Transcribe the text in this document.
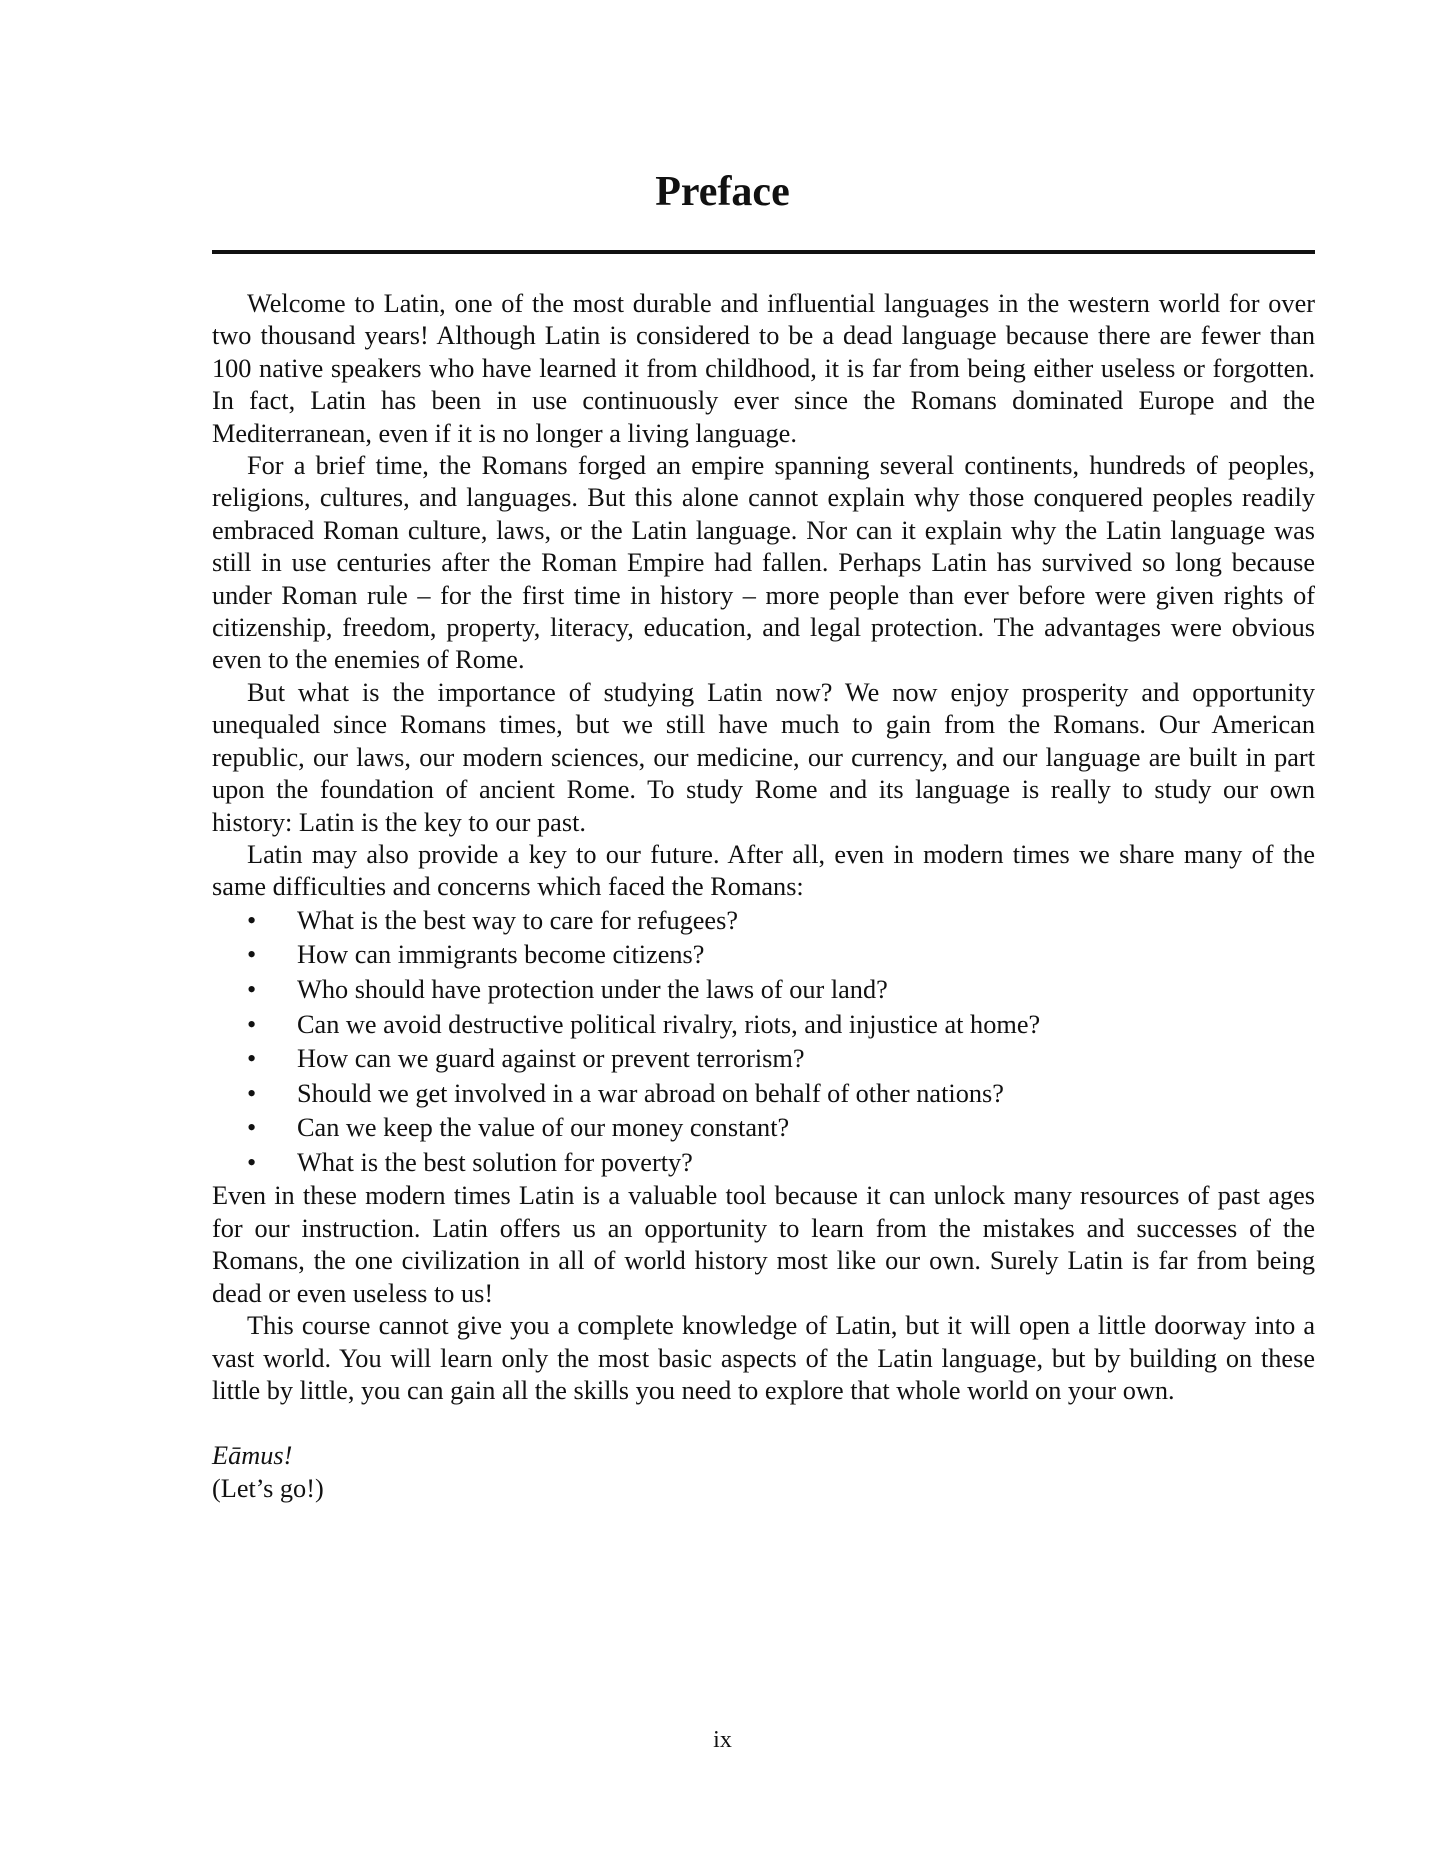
Preface

Welcome to Latin, one of the most durable and influential languages in the western world for over two thousand years! Although Latin is considered to be a dead language because there are fewer than 100 native speakers who have learned it from childhood, it is far from being either useless or forgotten. In fact, Latin has been in use continuously ever since the Romans dominated Europe and the Mediterranean, even if it is no longer a living language.

For a brief time, the Romans forged an empire spanning several continents, hundreds of peoples, religions, cultures, and languages. But this alone cannot explain why those conquered peoples readily embraced Roman culture, laws, or the Latin language. Nor can it explain why the Latin language was still in use centuries after the Roman Empire had fallen. Perhaps Latin has survived so long because under Roman rule – for the first time in history – more people than ever before were given rights of citizenship, freedom, property, literacy, education, and legal protection. The advantages were obvious even to the enemies of Rome.

But what is the importance of studying Latin now? We now enjoy prosperity and opportunity unequaled since Romans times, but we still have much to gain from the Romans. Our American republic, our laws, our modern sciences, our medicine, our currency, and our language are built in part upon the foundation of ancient Rome. To study Rome and its language is really to study our own history: Latin is the key to our past.

Latin may also provide a key to our future. After all, even in modern times we share many of the same difficulties and concerns which faced the Romans:

• What is the best way to care for refugees?
• How can immigrants become citizens?
• Who should have protection under the laws of our land?
• Can we avoid destructive political rivalry, riots, and injustice at home?
• How can we guard against or prevent terrorism?
• Should we get involved in a war abroad on behalf of other nations?
• Can we keep the value of our money constant?
• What is the best solution for poverty?

Even in these modern times Latin is a valuable tool because it can unlock many resources of past ages for our instruction. Latin offers us an opportunity to learn from the mistakes and successes of the Romans, the one civilization in all of world history most like our own. Surely Latin is far from being dead or even useless to us!

This course cannot give you a complete knowledge of Latin, but it will open a little doorway into a vast world. You will learn only the most basic aspects of the Latin language, but by building on these little by little, you can gain all the skills you need to explore that whole world on your own.

Eāmus!
(Let’s go!)
ix
